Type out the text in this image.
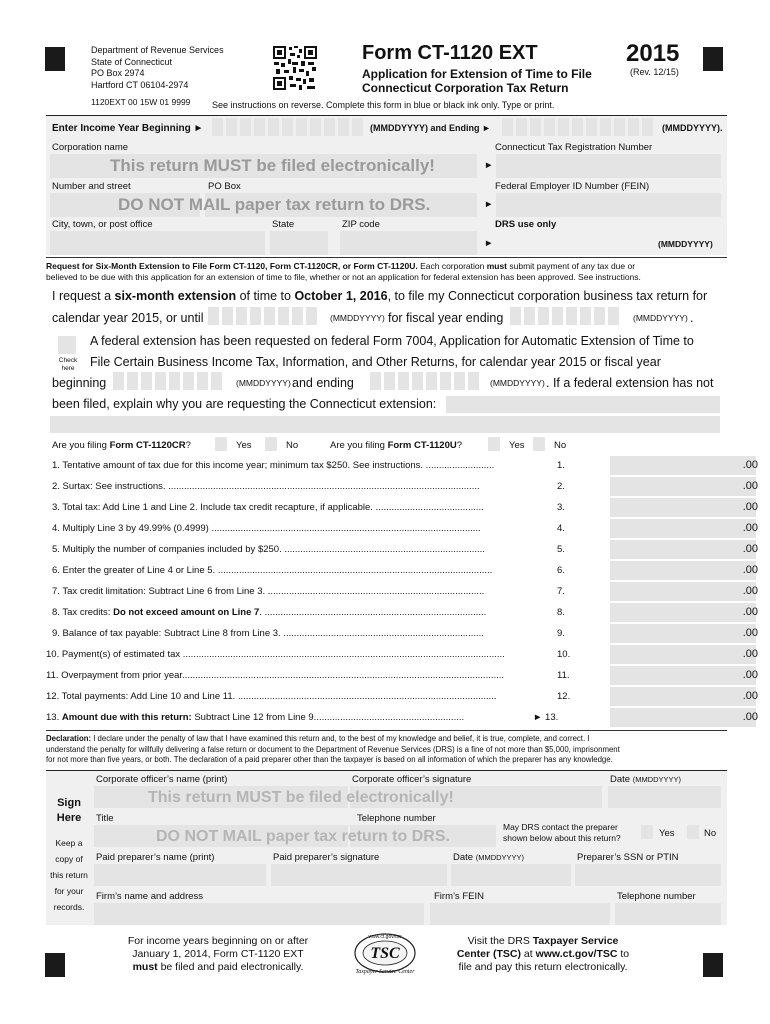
Department of Revenue Services
State of Connecticut
PO Box 2974
Hartford CT 06104-2974
1120EXT 00 15W 01 9999
Form CT-1120 EXT
Application for Extension of Time to File
Connecticut Corporation Tax Return
2015
(Rev. 12/15)
See instructions on reverse. Complete this form in blue or black ink only. Type or print.
Enter Income Year Beginning ►	(MMDDYYYY) and Ending ►	(MMDDYYYY).
Corporation name	Connecticut Tax Registration Number
This return MUST be filed electronically!	►
Number and street	PO Box	Federal Employer ID Number (FEIN)
DO NOT MAIL paper tax return to DRS.	►
City, town, or post office	State	ZIP code	DRS use only
►	(MMDDYYYY)
Request for Six-Month Extension to File Form CT-1120, Form CT-1120CR, or Form CT-1120U. Each corporation must submit payment of any tax due or
believed to be due with this application for an extension of time to file, whether or not an application for federal extension has been approved. See instructions.
I request a six-month extension of time to October 1, 2016, to file my Connecticut corporation business tax return for
calendar year 2015, or until	(MMDDYYYY) for fiscal year ending	(MMDDYYYY) .
A federal extension has been requested on federal Form 7004, Application for Automatic Extension of Time to
Check here	File Certain Business Income Tax, Information, and Other Returns, for calendar year 2015 or fiscal year
beginning	(MMDDYYYY) and ending	(MMDDYYYY) . If a federal extension has not
been filed, explain why you are requesting the Connecticut extension:
Are you filing Form CT-1120CR?	Yes	No	Are you filing Form CT-1120U?	Yes	No
1. Tentative amount of tax due for this income year; minimum tax $250. See instructions. ..........................	1.	.00
2. Surtax: See instructions. ......................................................................................................................	2.	.00
3. Total tax: Add Line 1 and Line 2. Include tax credit recapture, if applicable. .........................................	3.	.00
4. Multiply Line 3 by 49.99% (0.4999) ......................................................................................................	4.	.00
5. Multiply the number of companies included by $250. ............................................................................	5.	.00
6. Enter the greater of Line 4 or Line 5. ........................................................................................................	6.	.00
7. Tax credit limitation: Subtract Line 6 from Line 3. ..................................................................................	7.	.00
8. Tax credits: Do not exceed amount on Line 7. ....................................................................................	8.	.00
9. Balance of tax payable: Subtract Line 8 from Line 3. ............................................................................	9.	.00
10. Payment(s) of estimated tax ..........................................................................................................................	10.	.00
11. Overpayment from prior year..........................................................................................................................	11.	.00
12. Total payments: Add Line 10 and Line 11. ..................................................................................................	12.	.00
13. Amount due with this return: Subtract Line 12 from Line 9.........................................................	► 13.	.00
Declaration: I declare under the penalty of law that I have examined this return and, to the best of my knowledge and belief, it is true, complete, and correct. I
understand the penalty for willfully delivering a false return or document to the Department of Revenue Services (DRS) is a fine of not more than $5,000, imprisonment
for not more than five years, or both. The declaration of a paid preparer other than the taxpayer is based on all information of which the preparer has any knowledge.
Corporate officer’s name (print)	Corporate officer’s signature	Date (MMDDYYYY)
This return MUST be filed electronically!
Sign
Here	Title	Telephone number
DO NOT MAIL paper tax return to DRS.
May DRS contact the preparer
shown below about this return?	Yes	No
Keep a
copy of
this return
for your
records.
Paid preparer’s name (print)	Paid preparer’s signature	Date (MMDDYYYY)	Preparer’s SSN or PTIN
Firm’s name and address	Firm’s FEIN	Telephone number
For income years beginning on or after
January 1, 2014, Form CT-1120 EXT
must be filed and paid electronically.
TSC
www.ct.gov/tsc
Taxpayer Service Center
Visit the DRS Taxpayer Service
Center (TSC) at www.ct.gov/TSC to
file and pay this return electronically.
